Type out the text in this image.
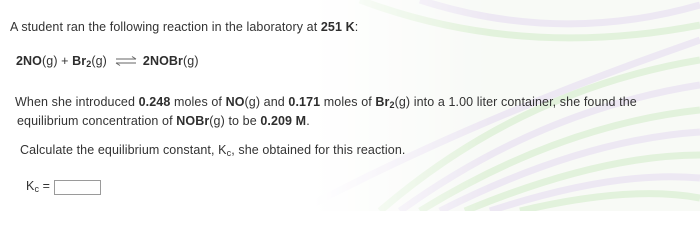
A student ran the following reaction in the laboratory at 251 K:
$2NO(g) + Br_2(g)$ ⇌ 2NOBr(g)
When she introduced 0.248 moles of NO(g) and 0.171 moles of $Br_2(g)$ into a 1.00 liter container, she found the
equilibrium concentration of NOBr(g) to be 0.209 M.
Calculate the equilibrium constant, $K_c$, she obtained for this reaction.
$K_c$ =
